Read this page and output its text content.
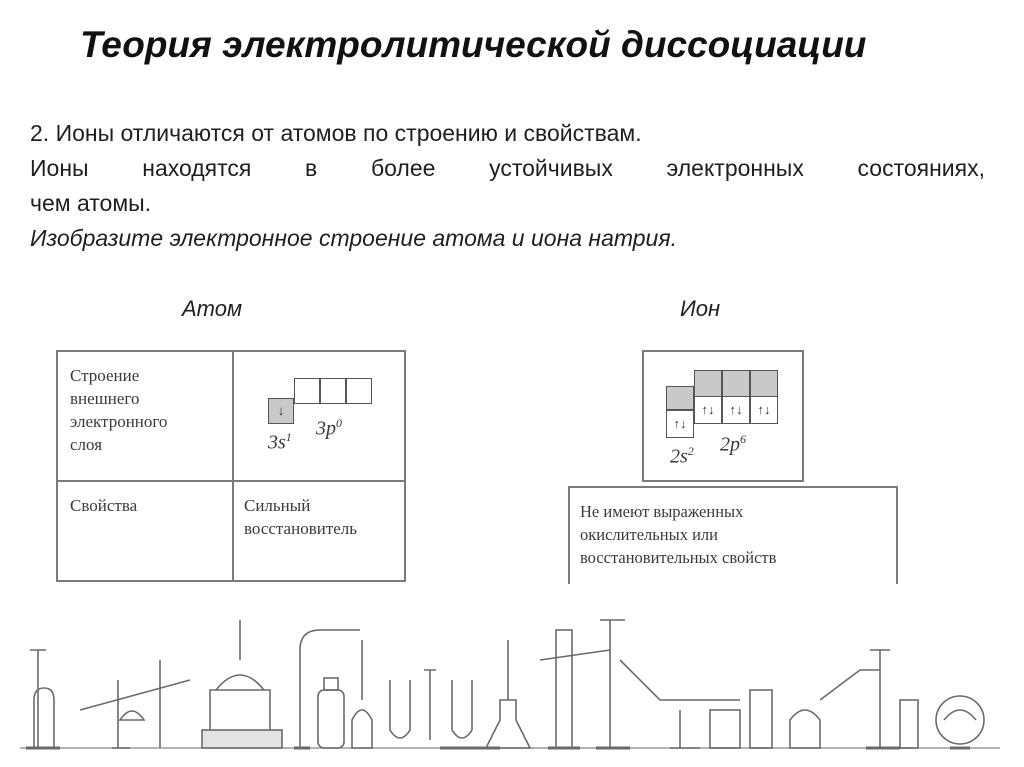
Теория электролитической диссоциации
2. Ионы отличаются от атомов по строению и свойствам.
Ионы находятся в более устойчивых электронных состояниях,
чем атомы.
Изобразите электронное строение атома и иона натрия.
Атом	Ион
Строение
внешнего
электронного
слоя
↓
$3s^1$ $3p^0$
Свойства	Сильный
восстановитель
↑↓
↑↓	↑↓	↑↓
$2s^2$ $2p^6$
Не имеют выраженных
окислительных или
восстановительных свойств
